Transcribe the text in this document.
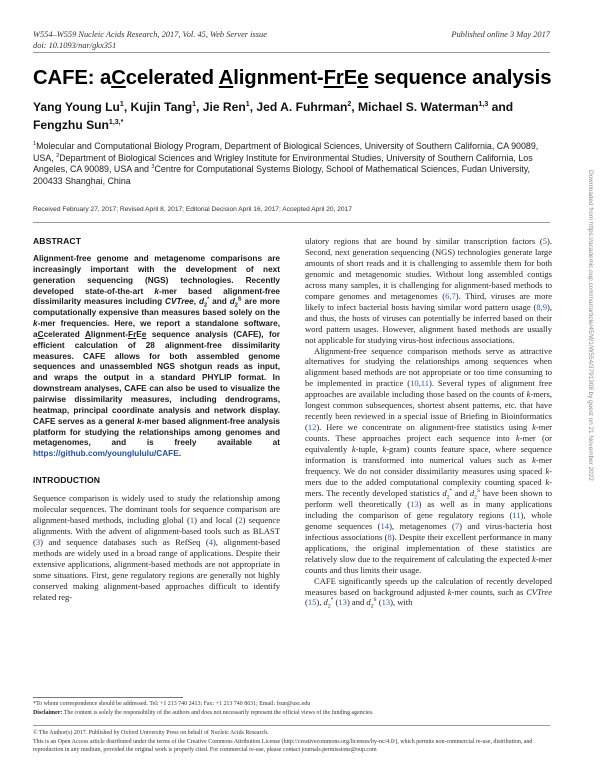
W554–W559 Nucleic Acids Research, 2017, Vol. 45, Web Server issue
doi: 10.1093/nar/gkx351
Published online 3 May 2017
CAFE: aCcelerated Alignment-FrEe sequence analysis
Yang Young Lu$^1$, Kujin Tang$^1$, Jie Ren$^1$, Jed A. Fuhrman$^2$, Michael S. Waterman$^{1,3}$ and Fengzhu Sun$^{1,3,*}$
$^1$Molecular and Computational Biology Program, Department of Biological Sciences, University of Southern California, CA 90089, USA, $^2$Department of Biological Sciences and Wrigley Institute for Environmental Studies, University of Southern California, Los Angeles, CA 90089, USA and $^3$Centre for Computational Systems Biology, School of Mathematical Sciences, Fudan University, 200433 Shanghai, China
Received February 27, 2017; Revised April 8, 2017; Editorial Decision April 16, 2017; Accepted April 20, 2017
ABSTRACT

Alignment-free genome and metagenome comparisons are increasingly important with the development of next generation sequencing (NGS) technologies. Recently developed state-of-the-art k-mer based alignment-free dissimilarity measures including CVTree, $d_2^*$ and $d_2^S$ are more computationally expensive than measures based solely on the k-mer frequencies. Here, we report a standalone software, aCcelerated Alignment-FrEe sequence analysis (CAFE), for efficient calculation of 28 alignment-free dissimilarity measures. CAFE allows for both assembled genome sequences and unassembled NGS shotgun reads as input, and wraps the output in a standard PHYLIP format. In downstream analyses, CAFE can also be used to visualize the pairwise dissimilarity measures, including dendrograms, heatmap, principal coordinate analysis and network display. CAFE serves as a general k-mer based alignment-free analysis platform for studying the relationships among genomes and metagenomes, and is freely available at https://github.com/younglululu/CAFE.

INTRODUCTION

Sequence comparison is widely used to study the relationship among molecular sequences. The dominant tools for sequence comparison are alignment-based methods, including global (1) and local (2) sequence alignments. With the advent of alignment-based tools such as BLAST (3) and sequence databases such as RefSeq (4), alignment-based methods are widely used in a broad range of applications. Despite their extensive applications, alignment-based methods are not appropriate in some situations. First, gene regulatory regions are generally not highly conserved making alignment-based approaches difficult to identify related reg-

ulatory regions that are bound by similar transcription factors (5). Second, next generation sequencing (NGS) technologies generate large amounts of short reads and it is challenging to assemble them for both genomic and metagenomic studies. Without long assembled contigs across many samples, it is challenging for alignment-based methods to compare genomes and metagenomes (6,7). Third, viruses are more likely to infect bacterial hosts having similar word pattern usage (8,9), and thus, the hosts of viruses can potentially be inferred based on their word pattern usages. However, alignment based methods are usually not applicable for studying virus-host infectious associations.

Alignment-free sequence comparison methods serve as attractive alternatives for studying the relationships among sequences when alignment based methods are not appropriate or too time consuming to be implemented in practice (10,11). Several types of alignment free approaches are available including those based on the counts of k-mers, longest common subsequences, shortest absent patterns, etc. that have recently been reviewed in a special issue of Briefing in Bioinformatics (12). Here we concentrate on alignment-free statistics using k-mer counts. These approaches project each sequence into k-mer (or equivalently k-tuple, k-gram) counts feature space, where sequence information is transformed into numerical values such as k-mer frequency. We do not consider dissimilarity measures using spaced k-mers due to the added computational complexity counting spaced k-mers. The recently developed statistics $d_2^*$ and $d_2^S$ have been shown to perform well theoretically (13) as well as in many applications including the comparison of gene regulatory regions (11), whole genome sequences (14), metagenomes (7) and virus-bacteria host infectious associations (8). Despite their excellent performance in many applications, the original implementation of these statistics are relatively slow due to the requirement of calculating the expected k-mer counts and thus limits their usage.

CAFE significantly speeds up the calculation of recently developed measures based on background adjusted k-mer counts, such as CVTree (15), $d_2^*$ (13) and $d_2^S$ (13), with

*To whom correspondence should be addressed. Tel: +1 213 740 2413; Fax: +1 213 740 8631; Email: fsun@usc.edu
Disclaimer: The content is solely the responsibility of the authors and does not necessarily represent the official views of the funding agencies.
© The Author(s) 2017. Published by Oxford University Press on behalf of Nucleic Acids Research.
This is an Open Access article distributed under the terms of the Creative Commons Attribution License (http://creativecommons.org/licenses/by-nc/4.0/), which permits non-commercial re-use, distribution, and reproduction in any medium, provided the original work is properly cited. For commercial re-use, please contact journals.permissions@oup.com
Downloaded from https://academic.oup.com/nar/article/45/W1/W554/3791308 by guest on 21 November 2022
